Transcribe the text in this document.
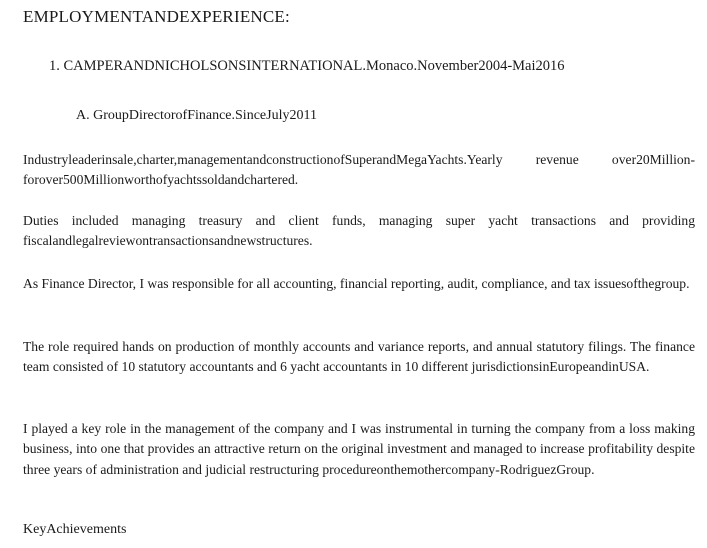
EMPLOYMENTANDEXPERIENCE:
1. CAMPERANDNICHOLSONSINTERNATIONAL.Monaco.November2004-Mai2016
A. GroupDirectorofFinance.SinceJuly2011

Industryleaderinsale,charter,managementandconstructionofSuperandMegaYachts.Yearly revenue over20Million-forover500Millionworthofyachtssoldandchartered.

Duties included managing treasury and client funds, managing super yacht transactions and providing fiscalandlegalreviewontransactionsandnewstructures.

As Finance Director, I was responsible for all accounting, financial reporting, audit, compliance, and tax issuesofthegroup.

The role required hands on production of monthly accounts and variance reports, and annual statutory filings. The finance team consisted of 10 statutory accountants and 6 yacht accountants in 10 different jurisdictionsinEuropeandinUSA.

I played a key role in the management of the company and I was instrumental in turning the company from a loss making business, into one that provides an attractive return on the original investment and managed to increase profitability despite three years of administration and judicial restructuring procedureonthemothercompany-RodriguezGroup.

KeyAchievements
